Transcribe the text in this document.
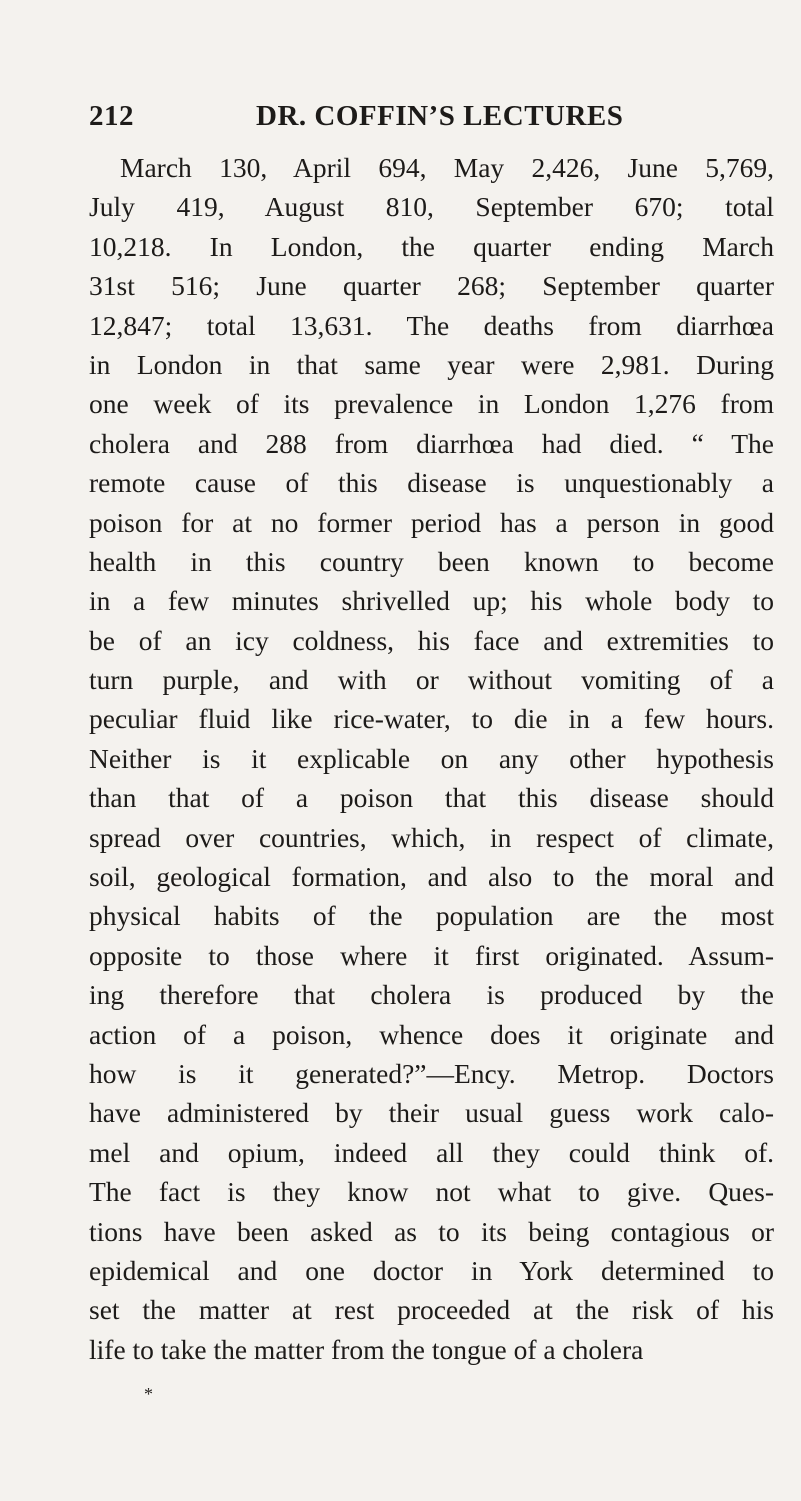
212	DR. COFFIN’S LECTURES
March 130, April 694, May 2,426, June 5,769,
July 419, August 810, September 670; total
10,218. In London, the quarter ending March
31st 516; June quarter 268; September quarter
12,847; total 13,631. The deaths from diarrhœa
in London in that same year were 2,981. During
one week of its prevalence in London 1,276 from
cholera and 288 from diarrhœa had died. “ The
remote cause of this disease is unquestionably a
poison for at no former period has a person in good
health in this country been known to become
in a few minutes shrivelled up; his whole body to
be of an icy coldness, his face and extremities to
turn purple, and with or without vomiting of a
peculiar fluid like rice-water, to die in a few hours.
Neither is it explicable on any other hypothesis
than that of a poison that this disease should
spread over countries, which, in respect of climate,
soil, geological formation, and also to the moral and
physical habits of the population are the most
opposite to those where it first originated. Assum-
ing therefore that cholera is produced by the
action of a poison, whence does it originate and
how is it generated?”—Ency. Metrop. Doctors
have administered by their usual guess work calo-
mel and opium, indeed all they could think of.
The fact is they know not what to give. Ques-
tions have been asked as to its being contagious or
epidemical and one doctor in York determined to
set the matter at rest proceeded at the risk of his
life to take the matter from the tongue of a cholera
*
